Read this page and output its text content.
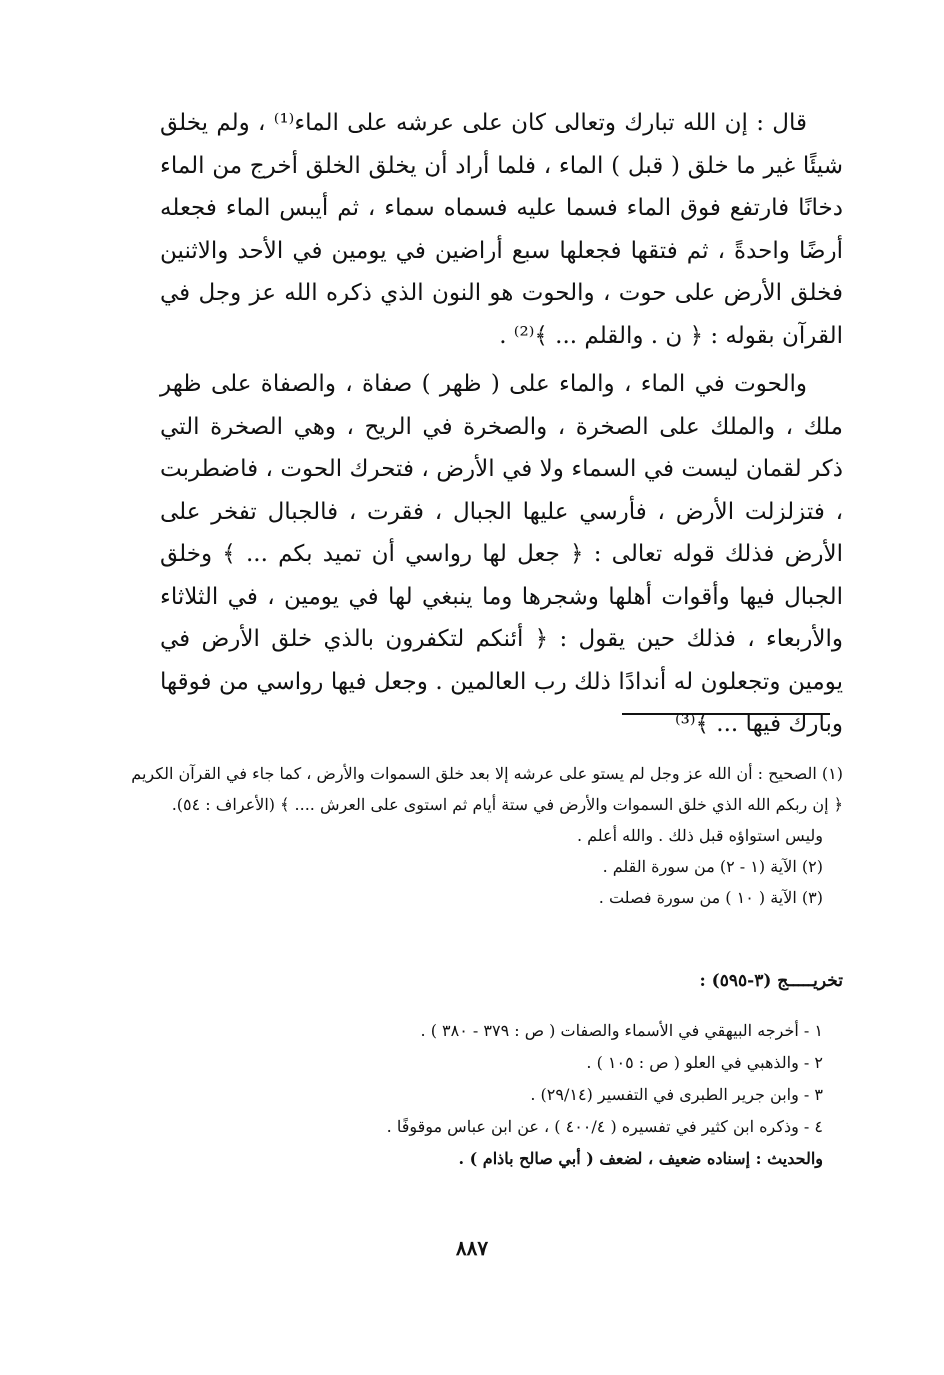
قال : إن الله تبارك وتعالى كان على عرشه على الماء⁽¹⁾ ، ولم يخلق شيئًا غير ما خلق ( قبل ) الماء ، فلما أراد أن يخلق الخلق أخرج من الماء دخانًا فارتفع فوق الماء فسما عليه فسماه سماء ، ثم أيبس الماء فجعله أرضًا واحدةً ، ثم فتقها فجعلها سبع أراضين في يومين في الأحد والاثنين فخلق الأرض على حوت ، والحوت هو النون الذي ذكره الله عز وجل في القرآن بقوله : ﴿ ن . والقلم ... ﴾⁽²⁾ .

والحوت في الماء ، والماء على ( ظهر ) صفاة ، والصفاة على ظهر ملك ، والملك على الصخرة ، والصخرة في الريح ، وهي الصخرة التي ذكر لقمان ليست في السماء ولا في الأرض ، فتحرك الحوت ، فاضطربت ، فتزلزلت الأرض ، فأرسي عليها الجبال ، فقرت ، فالجبال تفخر على الأرض فذلك قوله تعالى : ﴿ جعل لها رواسي أن تميد بكم ... ﴾ وخلق الجبال فيها وأقوات أهلها وشجرها وما ينبغي لها في يومين ، في الثلاثاء والأربعاء ، فذلك حين يقول : ﴿ أئنكم لتكفرون بالذي خلق الأرض في يومين وتجعلون له أندادًا ذلك رب العالمين . وجعل فيها رواسي من فوقها وبارك فيها ... ﴾⁽³⁾

(١) الصحيح : أن الله عز وجل لم يستو على عرشه إلا بعد خلق السموات والأرض ، كما جاء في القرآن الكريم
﴿ إن ربكم الله الذي خلق السموات والأرض في ستة أيام ثم استوى على العرش .... ﴾ (الأعراف : ٥٤).
وليس استواؤه قبل ذلك . والله أعلم .
(٢) الآية (١ - ٢) من سورة القلم .
(٣) الآية ( ١٠ ) من سورة فصلت .
تخريـــــج (٣-٥٩٥) :
١ - أخرجه البيهقي في الأسماء والصفات ( ص : ٣٧٩ - ٣٨٠ ) .
٢ - والذهبي في العلو ( ص : ١٠٥ ) .
٣ - وابن جرير الطبرى في التفسير (٢٩/١٤) .
٤ - وذكره ابن كثير في تفسيره ( ٤٠٠/٤ ) ، عن ابن عباس موقوفًا .
والحديث : إسناده ضعيف ، لضعف ( أبي صالح باذام ) .
٨٨٧
